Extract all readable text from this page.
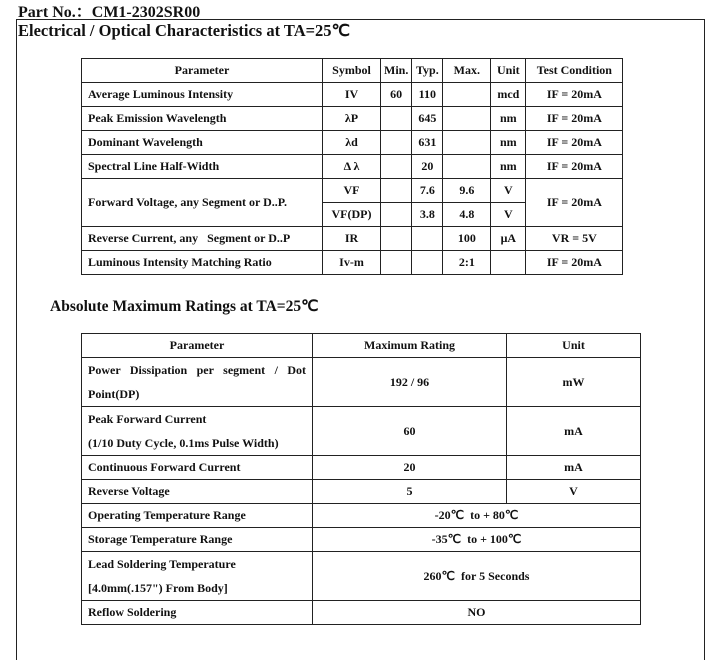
Part No.：CM1-2302SR00
Electrical / Optical Characteristics at TA=25℃
Parameter	Symbol	Min.	Typ.	Max.	Unit	Test Condition
Average Luminous Intensity	IV	60	110		mcd	IF = 20mA
Peak Emission Wavelength	λP		645		nm	IF = 20mA
Dominant Wavelength	λd		631		nm	IF = 20mA
Spectral Line Half-Width	Δ λ		20		nm	IF = 20mA
Forward Voltage, any Segment or D..P.	VF		7.6	9.6	V	IF = 20mA
	VF(DP)		3.8	4.8	V	
Reverse Current, any   Segment or D..P	IR			100	μA	VR = 5V
Luminous Intensity Matching Ratio	Iv-m			2:1		IF = 20mA
Absolute Maximum Ratings at TA=25℃
Parameter	Maximum Rating	Unit
Power Dissipation per segment / Dot Point(DP)	192 / 96	mW

Peak Forward Current
(1/10 Duty Cycle, 0.1ms Pulse Width)	60	mA
Continuous Forward Current	20	mA
Reverse Voltage	5	V
Operating Temperature Range	-20℃  to + 80℃	
Storage Temperature Range	-35℃  to + 100℃	

Lead Soldering Temperature
[4.0mm(.157") From Body]	260℃  for 5 Seconds	
Reflow Soldering	NO	
